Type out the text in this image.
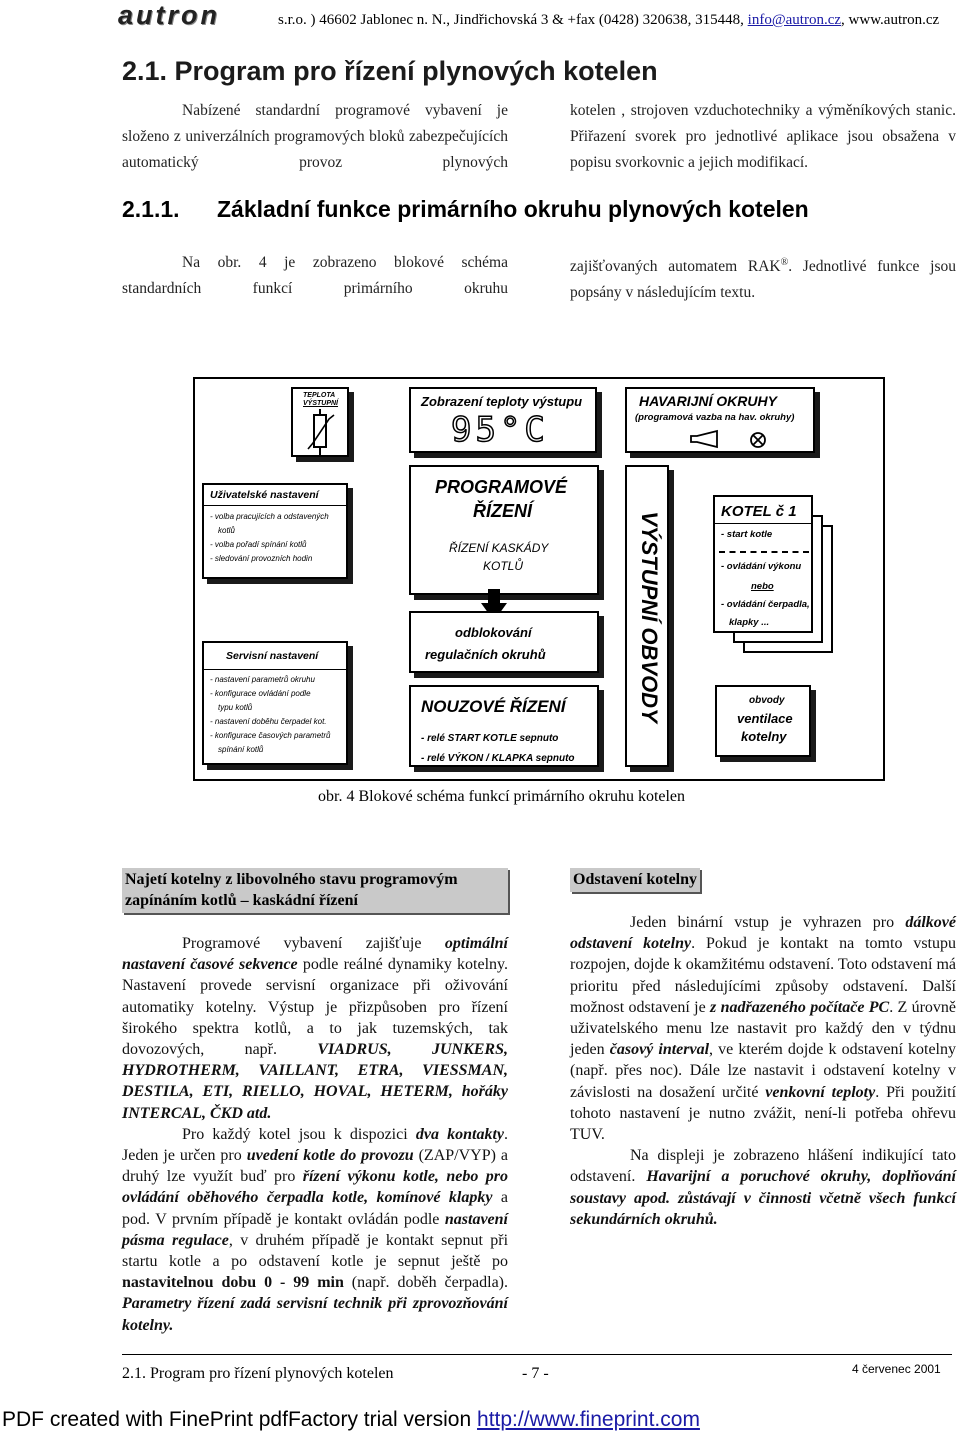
autron	s.r.o. ) 46602 Jablonec n. N., Jindřichovská 3 & +fax (0428) 320638, 315448, info@autron.cz, www.autron.cz
2.1. Program pro řízení plynových kotelen
Nabízené standardní programové vybavení je složeno z univerzálních programových bloků zabezpečujících automatický provoz plynových
kotelen , strojoven vzduchotechniky a výměníkových stanic. Přiřazení svorek pro jednotlivé aplikace jsou obsažena v popisu svorkovnic a jejich modifikací.
2.1.1. Základní funkce primárního okruhu plynových kotelen
Na obr. 4 je zobrazeno blokové schéma standardních funkcí primárního okruhu
zajišťovaných automatem RAK®. Jednotlivé funkce jsou popsány v následujícím textu.
TEPLOTA
VÝSTUPNÍ	Zobrazení teploty výstupu
95°C
HAVARIJNÍ OKRUHY
(programová vazba na hav. okruhy)
Uživatelské nastavení
- volba pracujících a odstavených
kotlů
- volba pořadí spínání kotlů
- sledování provozních hodin
Servisní nastavení
- nastavení parametrů okruhu
- konfigurace ovládání podle
typu kotlů
- nastavení doběhu čerpadel kot.
- konfigurace časových parametrů
spínání kotlů
PROGRAMOVÉ
ŘÍZENÍ
ŘÍZENÍ KASKÁDY
KOTLŮ
odblokování
regulačních okruhů
NOUZOVÉ ŘÍZENÍ
- relé START KOTLE sepnuto
- relé VÝKON / KLAPKA sepnuto
VÝSTUPNÍ OBVODY	KOTEL č 1
- start kotle
- ovládání výkonu
nebo
- ovládání čerpadla,
klapky ...
obvody
ventilace
kotelny
obr. 4 Blokové schéma funkcí primárního okruhu kotelen
Najetí kotelny z libovolného stavu programovým zapínáním kotlů – kaskádní řízení
Programové vybavení zajišťuje optimální nastavení časové sekvence podle reálné dynamiky kotelny. Nastavení provede servisní organizace při oživování automatiky kotelny. Výstup je přizpůsoben pro řízení širokého spektra kotlů, a to jak tuzemských, tak dovozových, např. VIADRUS, JUNKERS, HYDROTHERM, VAILLANT, ETRA, VIESSMAN, DESTILA, ETI, RIELLO, HOVAL, HETERM, hořáky INTERCAL, ČKD atd.
Pro každý kotel jsou k dispozici dva kontakty. Jeden je určen pro uvedení kotle do provozu (ZAP/VYP) a druhý lze využít buď pro řízení výkonu kotle, nebo pro ovládání oběhového čerpadla kotle, komínové klapky a pod. V prvním případě je kontakt ovládán podle nastavení pásma regulace, v druhém případě je kontakt sepnut při startu kotle a po odstavení kotle je sepnut ještě po nastavitelnou dobu 0 - 99 min (např. doběh čerpadla). Parametry řízení zadá servisní technik při zprovozňování kotelny.
Odstavení kotelny
Jeden binární vstup je vyhrazen pro dálkové odstavení kotelny. Pokud je kontakt na tomto vstupu rozpojen, dojde k okamžitému odstavení. Toto odstavení má prioritu před následujícími způsoby odstavení. Další možnost odstavení je z nadřazeného počítače PC. Z úrovně uživatelského menu lze nastavit pro každý den v týdnu jeden časový interval, ve kterém dojde k odstavení kotelny (např. přes noc). Dále lze nastavit i odstavení kotelny v závislosti na dosažení určité venkovní teploty. Při použití tohoto nastavení je nutno zvážit, není-li potřeba ohřevu TUV.
Na displeji je zobrazeno hlášení indikující tato odstavení. Havarijní a poruchové okruhy, doplňování soustavy apod. zůstávají v činnosti včetně všech funkcí sekundárních okruhů.
2.1. Program pro řízení plynových kotelen	- 7 -	4 červenec 2001
PDF created with FinePrint pdfFactory trial version http://www.fineprint.com
